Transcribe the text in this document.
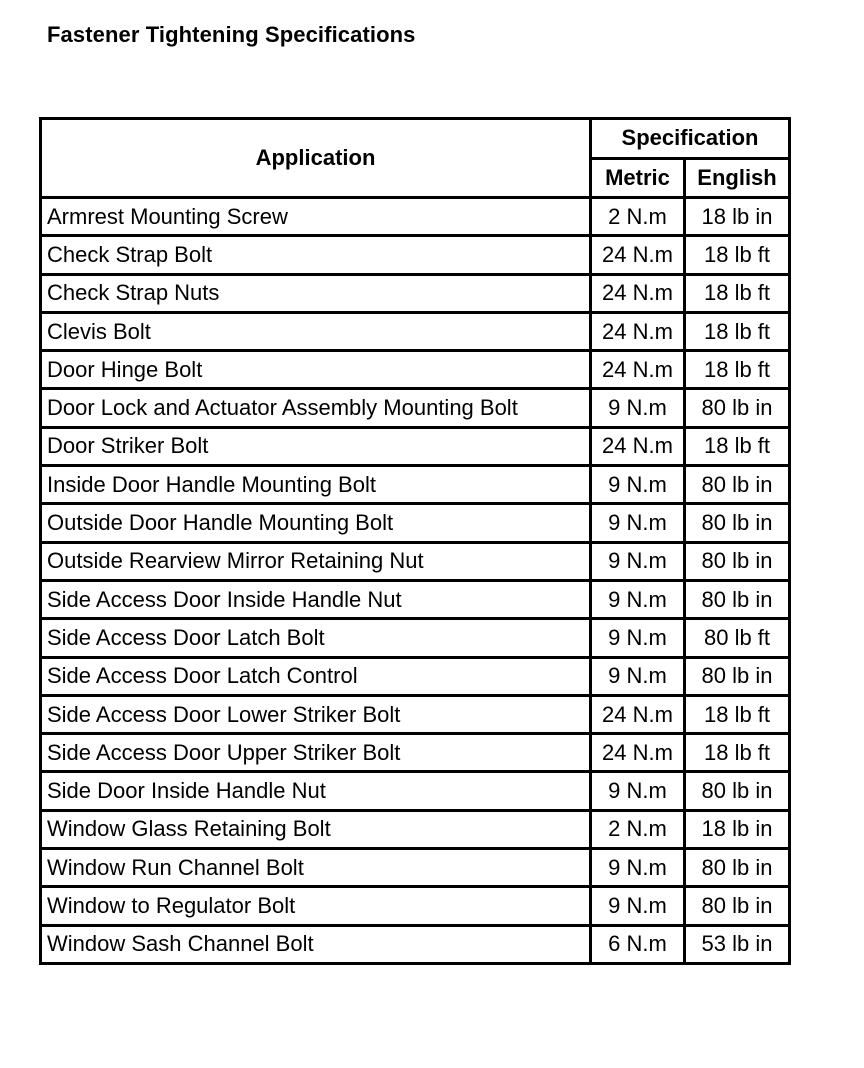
Fastener Tightening Specifications
Application	Specification	
	Metric	English
Armrest Mounting Screw	2 N.m	18 lb in
Check Strap Bolt	24 N.m	18 lb ft
Check Strap Nuts	24 N.m	18 lb ft
Clevis Bolt	24 N.m	18 lb ft
Door Hinge Bolt	24 N.m	18 lb ft
Door Lock and Actuator Assembly Mounting Bolt	9 N.m	80 lb in
Door Striker Bolt	24 N.m	18 lb ft
Inside Door Handle Mounting Bolt	9 N.m	80 lb in
Outside Door Handle Mounting Bolt	9 N.m	80 lb in
Outside Rearview Mirror Retaining Nut	9 N.m	80 lb in
Side Access Door Inside Handle Nut	9 N.m	80 lb in
Side Access Door Latch Bolt	9 N.m	80 lb ft
Side Access Door Latch Control	9 N.m	80 lb in
Side Access Door Lower Striker Bolt	24 N.m	18 lb ft
Side Access Door Upper Striker Bolt	24 N.m	18 lb ft
Side Door Inside Handle Nut	9 N.m	80 lb in
Window Glass Retaining Bolt	2 N.m	18 lb in
Window Run Channel Bolt	9 N.m	80 lb in
Window to Regulator Bolt	9 N.m	80 lb in
Window Sash Channel Bolt	6 N.m	53 lb in
